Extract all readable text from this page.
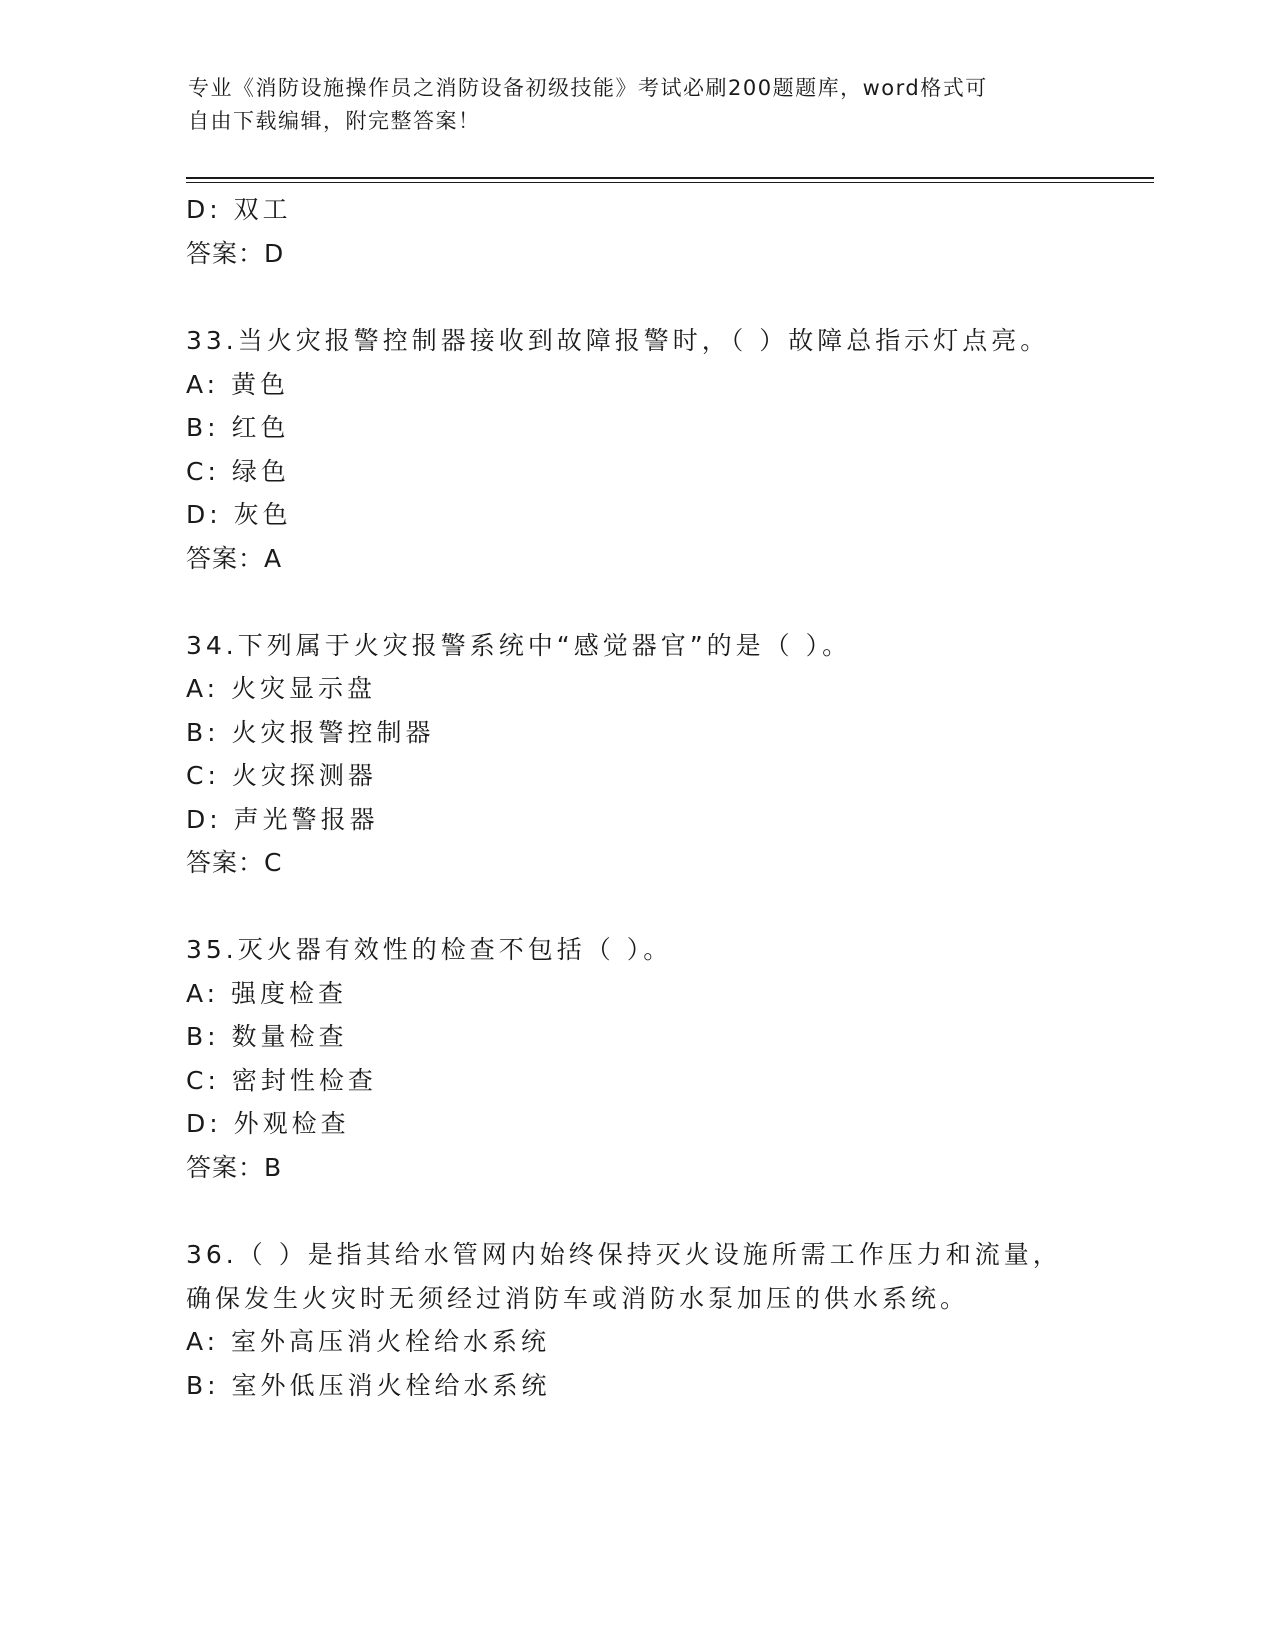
专业《消防设施操作员之消防设备初级技能》考试必刷200题题库，word格式可
自由下载编辑，附完整答案！
D: 双工
答案：D
33.当火灾报警控制器接收到故障报警时，（ ）故障总指示灯点亮。
A: 黄色
B: 红色
C: 绿色
D: 灰色
答案：A
34.下列属于火灾报警系统中“感觉器官”的是（ ）。
A: 火灾显示盘
B: 火灾报警控制器
C: 火灾探测器
D: 声光警报器
答案：C
35.灭火器有效性的检查不包括（ ）。
A: 强度检查
B: 数量检查
C: 密封性检查
D: 外观检查
答案：B
36.（ ）是指其给水管网内始终保持灭火设施所需工作压力和流量，
确保发生火灾时无须经过消防车或消防水泵加压的供水系统。
A: 室外高压消火栓给水系统
B: 室外低压消火栓给水系统
